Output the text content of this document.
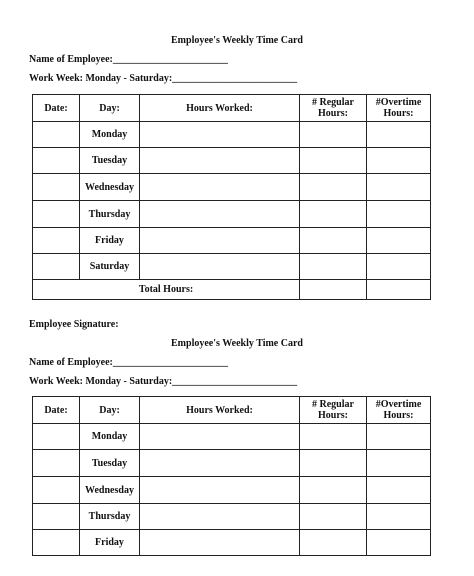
Employee's Weekly Time Card
Name of Employee:_______________________
Work Week: Monday - Saturday:_________________________
Date:	Day:	Hours Worked:	# Regular Hours:	#Overtime Hours:
	Monday			
	Tuesday			
	Wednesday			
	Thursday			
	Friday			
	Saturday			
Total Hours:				
Employee Signature:
Employee's Weekly Time Card
Name of Employee:_______________________
Work Week: Monday - Saturday:_________________________
Date:	Day:	Hours Worked:	# Regular Hours:	#Overtime Hours:
	Monday			
	Tuesday			
	Wednesday			
	Thursday			
	Friday			
